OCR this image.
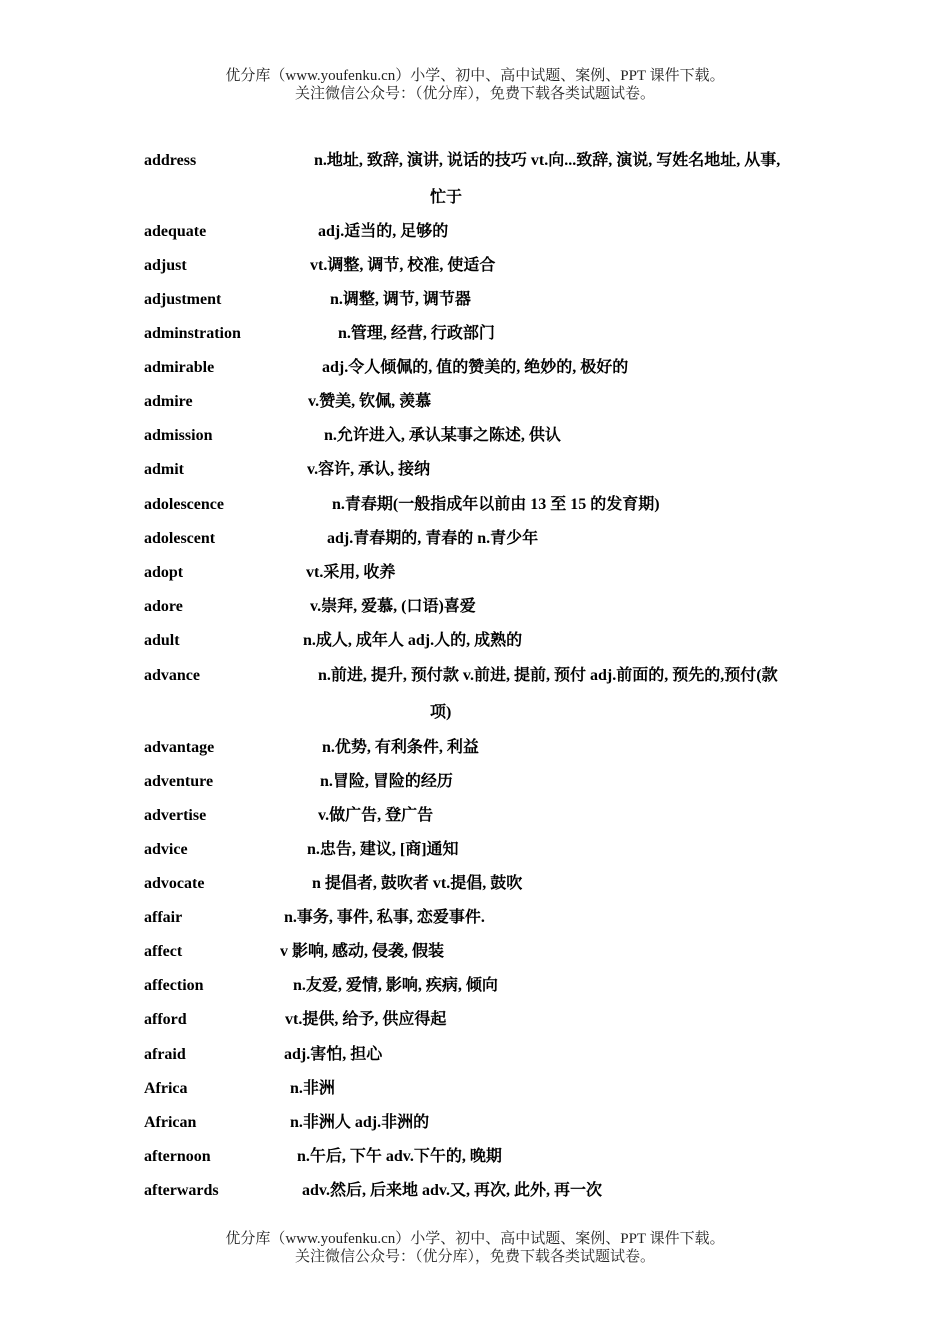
优分库（www.youfenku.cn）小学、初中、高中试题、案例、PPT 课件下载。
关注微信公众号：（优分库），免费下载各类试题试卷。
address	n.地址, 致辞, 演讲, 说话的技巧 vt.向...致辞, 演说, 写姓名地址, 从事,
忙于
adequate	adj.适当的, 足够的
adjust	vt.调整, 调节, 校准, 使适合
adjustment	n.调整, 调节, 调节器
adminstration	n.管理, 经营, 行政部门
admirable	adj.令人倾佩的, 值的赞美的, 绝妙的, 极好的
admire	v.赞美, 钦佩, 羡慕
admission	n.允许进入, 承认某事之陈述, 供认
admit	v.容许, 承认, 接纳
adolescence	n.青春期(一般指成年以前由 13 至 15 的发育期)
adolescent	adj.青春期的, 青春的 n.青少年
adopt	vt.采用, 收养
adore	v.崇拜, 爱慕, (口语)喜爱
adult	n.成人, 成年人 adj.人的, 成熟的
advance	n.前进, 提升, 预付款 v.前进, 提前, 预付 adj.前面的, 预先的,预付(款
项)
advantage	n.优势, 有利条件, 利益
adventure	n.冒险, 冒险的经历
advertise	v.做广告, 登广告
advice	n.忠告, 建议, [商]通知
advocate	n 提倡者, 鼓吹者 vt.提倡, 鼓吹
affair	n.事务, 事件, 私事, 恋爱事件.
affect	v 影响, 感动, 侵袭, 假装
affection	n.友爱, 爱情, 影响, 疾病, 倾向
afford	vt.提供, 给予, 供应得起
afraid	adj.害怕, 担心
Africa	n.非洲
African	n.非洲人 adj.非洲的
afternoon	n.午后, 下午 adv.下午的, 晚期
afterwards	adv.然后, 后来地 adv.又, 再次, 此外, 再一次
优分库（www.youfenku.cn）小学、初中、高中试题、案例、PPT 课件下载。
关注微信公众号：（优分库），免费下载各类试题试卷。
